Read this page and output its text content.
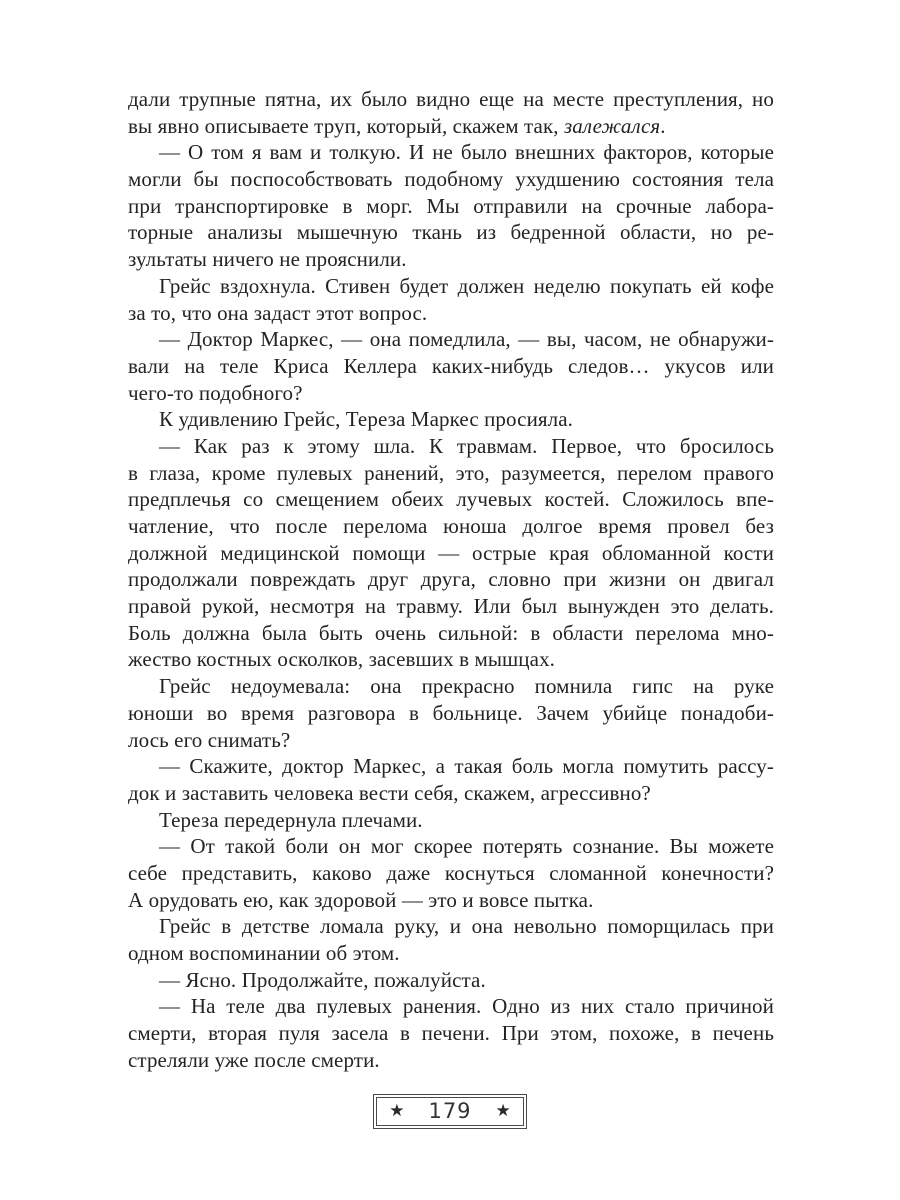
дали трупные пятна, их было видно еще на месте преступления, но
вы явно описываете труп, который, скажем так, залежался.
— О том я вам и толкую. И не было внешних факторов, которые
могли бы поспособствовать подобному ухудшению состояния тела
при транспортировке в морг. Мы отправили на срочные лабора-
торные анализы мышечную ткань из бедренной области, но ре-
зультаты ничего не прояснили.
Грейс вздохнула. Стивен будет должен неделю покупать ей кофе
за то, что она задаст этот вопрос.
— Доктор Маркес, — она помедлила, — вы, часом, не обнаружи-
вали на теле Криса Келлера каких-нибудь следов… укусов или
чего-то подобного?
К удивлению Грейс, Тереза Маркес просияла.
— Как раз к этому шла. К травмам. Первое, что бросилось
в глаза, кроме пулевых ранений, это, разумеется, перелом правого
предплечья со смещением обеих лучевых костей. Сложилось впе-
чатление, что после перелома юноша долгое время провел без
должной медицинской помощи — острые края обломанной кости
продолжали повреждать друг друга, словно при жизни он двигал
правой рукой, несмотря на травму. Или был вынужден это делать.
Боль должна была быть очень сильной: в области перелома мно-
жество костных осколков, засевших в мышцах.
Грейс недоумевала: она прекрасно помнила гипс на руке
юноши во время разговора в больнице. Зачем убийце понадоби-
лось его снимать?
— Скажите, доктор Маркес, а такая боль могла помутить рассу-
док и заставить человека вести себя, скажем, агрессивно?
Тереза передернула плечами.
— От такой боли он мог скорее потерять сознание. Вы можете
себе представить, каково даже коснуться сломанной конечности?
А орудовать ею, как здоровой — это и вовсе пытка.
Грейс в детстве ломала руку, и она невольно поморщилась при
одном воспоминании об этом.
— Ясно. Продолжайте, пожалуйста.
— На теле два пулевых ранения. Одно из них стало причиной
смерти, вторая пуля засела в печени. При этом, похоже, в печень
стреляли уже после смерти.
★	179	★
